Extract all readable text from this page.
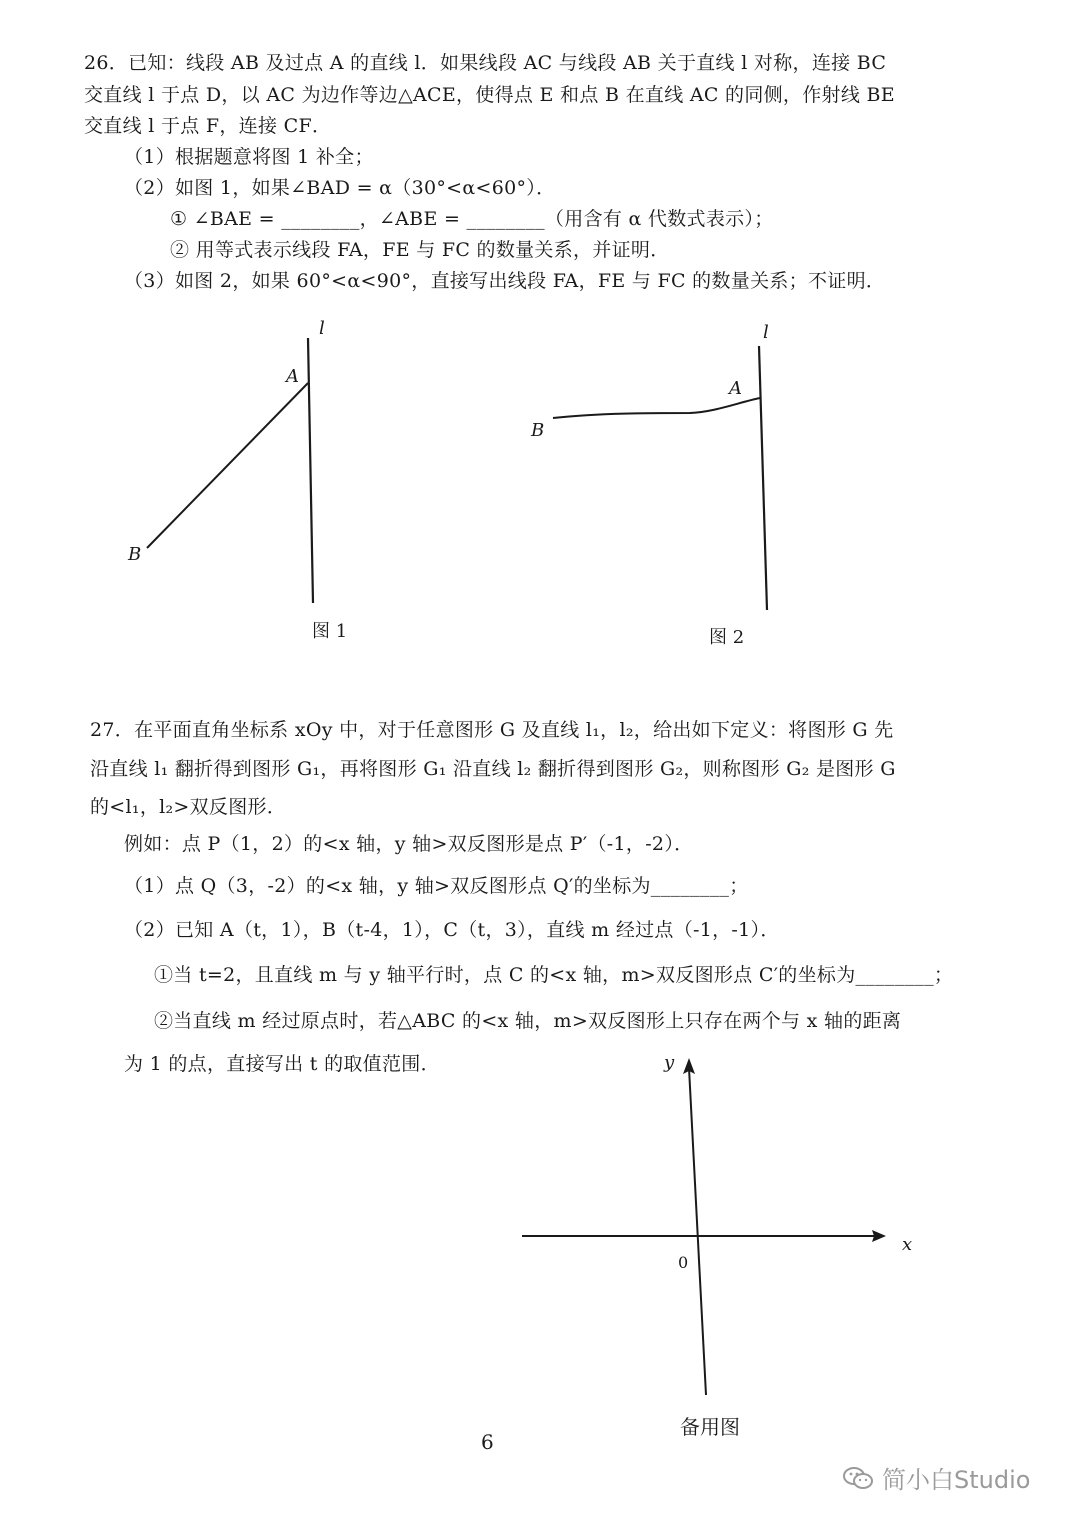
26．已知：线段 AB 及过点 A 的直线 l．如果线段 AC 与线段 AB 关于直线 l 对称，连接 BC
交直线 l 于点 D，以 AC 为边作等边△ACE，使得点 E 和点 B 在直线 AC 的同侧，作射线 BE
交直线 l 于点 F，连接 CF．
（1）根据题意将图 1 补全；
（2）如图 1，如果∠BAD = α（30°<α<60°）．
① ∠BAE = ________，∠ABE = ________（用含有 α 代数式表示）；
② 用等式表示线段 FA，FE 与 FC 的数量关系，并证明．
（3）如图 2，如果 60°<α<90°，直接写出线段 FA，FE 与 FC 的数量关系；不证明．
l
A
B
图 1
l
A
B
图 2
27．在平面直角坐标系 xOy 中，对于任意图形 G 及直线 l₁，l₂，给出如下定义：将图形 G 先
沿直线 l₁ 翻折得到图形 G₁，再将图形 G₁ 沿直线 l₂ 翻折得到图形 G₂，则称图形 G₂ 是图形 G
的<l₁，l₂>双反图形．
例如：点 P（1，2）的<x 轴，y 轴>双反图形是点 P′（-1，-2）．
（1）点 Q（3，-2）的<x 轴，y 轴>双反图形点 Q′的坐标为________；
（2）已知 A（t，1），B（t-4，1），C（t，3），直线 m 经过点（-1，-1）．
①当 t=2，且直线 m 与 y 轴平行时，点 C 的<x 轴，m>双反图形点 C′的坐标为________；
②当直线 m 经过原点时，若△ABC 的<x 轴，m>双反图形上只存在两个与 x 轴的距离
为 1 的点，直接写出 t 的取值范围．	y
x
0
备用图
6
简小白Studio
